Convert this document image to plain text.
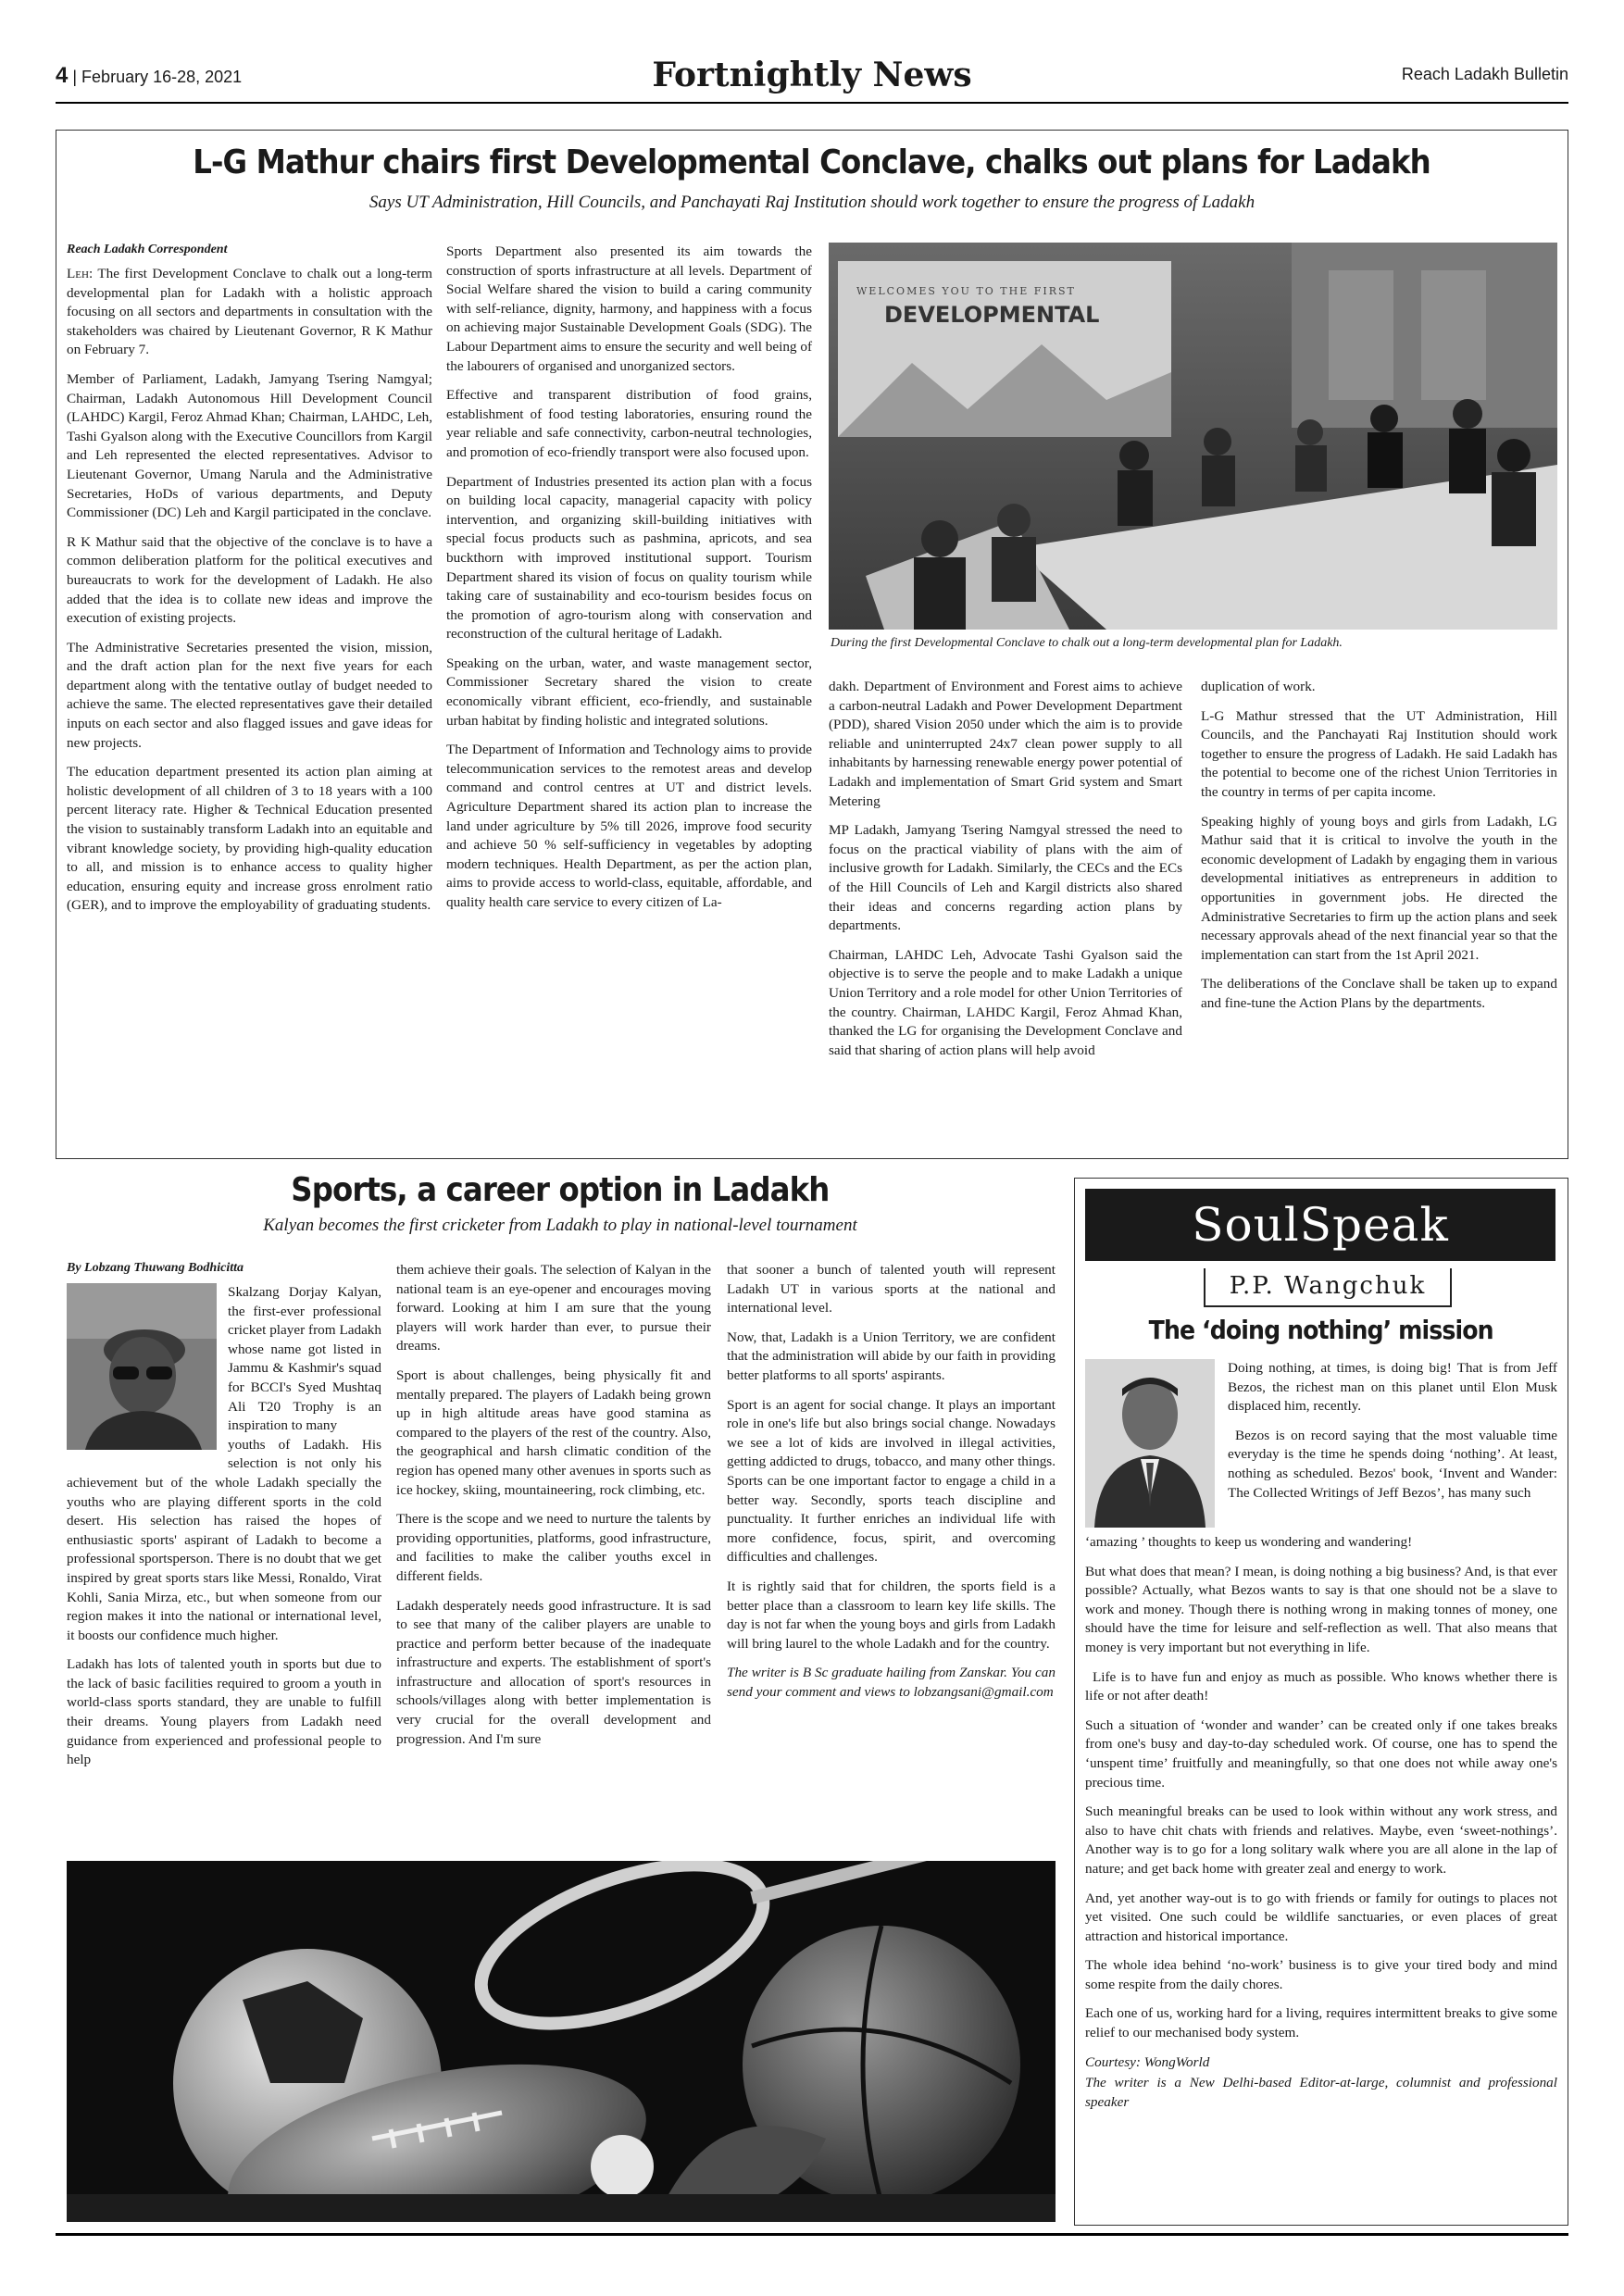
4 | February 16-28, 2021	Fortnightly News	Reach Ladakh Bulletin
L-G Mathur chairs first Developmental Conclave, chalks out plans for Ladakh
Says UT Administration, Hill Councils, and Panchayati Raj Institution should work together to ensure the progress of Ladakh
Reach Ladakh Correspondent

Leh: The first Development Conclave to chalk out a long-term developmental plan for Ladakh with a holistic approach focusing on all sectors and departments in consultation with the stakeholders was chaired by Lieutenant Governor, R K Mathur on February 7.

Member of Parliament, Ladakh, Jamyang Tsering Namgyal; Chairman, Ladakh Autonomous Hill Development Council (LAHDC) Kargil, Feroz Ahmad Khan; Chairman, LAHDC, Leh, Tashi Gyalson along with the Executive Councillors from Kargil and Leh represented the elected representatives. Advisor to Lieutenant Governor, Umang Narula and the Administrative Secretaries, HoDs of various departments, and Deputy Commissioner (DC) Leh and Kargil participated in the conclave.

R K Mathur said that the objective of the conclave is to have a common deliberation platform for the political executives and bureaucrats to work for the development of Ladakh. He also added that the idea is to collate new ideas and improve the execution of existing projects.

The Administrative Secretaries presented the vision, mission, and the draft action plan for the next five years for each department along with the tentative outlay of budget needed to achieve the same. The elected representatives gave their detailed inputs on each sector and also flagged issues and gave ideas for new projects.

The education department presented its action plan aiming at holistic development of all children of 3 to 18 years with a 100 percent literacy rate. Higher & Technical Education presented the vision to sustainably transform Ladakh into an equitable and vibrant knowledge society, by providing high-quality education to all, and mission is to enhance access to quality higher education, ensuring equity and increase gross enrolment ratio (GER), and to improve the employability of graduating students.

Sports Department also presented its aim towards the construction of sports infrastructure at all levels. Department of Social Welfare shared the vision to build a caring community with self-reliance, dignity, harmony, and happiness with a focus on achieving major Sustainable Development Goals (SDG). The Labour Department aims to ensure the security and well being of the labourers of organised and unorganized sectors.

Effective and transparent distribution of food grains, establishment of food testing laboratories, ensuring round the year reliable and safe connectivity, carbon-neutral technologies, and promotion of eco-friendly transport were also focused upon.

Department of Industries presented its action plan with a focus on building local capacity, managerial capacity with policy intervention, and organizing skill-building initiatives with special focus products such as pashmina, apricots, and sea buckthorn with improved institutional support. Tourism Department shared its vision of focus on quality tourism while taking care of sustainability and eco-tourism besides focus on the promotion of agro-tourism along with conservation and reconstruction of the cultural heritage of Ladakh.

Speaking on the urban, water, and waste management sector, Commissioner Secretary shared the vision to create economically vibrant efficient, eco-friendly, and sustainable urban habitat by finding holistic and integrated solutions.

The Department of Information and Technology aims to provide telecommunication services to the remotest areas and develop command and control centres at UT and district levels. Agriculture Department shared its action plan to increase the land under agriculture by 5% till 2026, improve food security and achieve 50 % self-sufficiency in vegetables by adopting modern techniques. Health Department, as per the action plan, aims to provide access to world-class, equitable, affordable, and quality health care service to every citizen of La-

WELCOMES YOU TO THE FIRST
DEVELOPMENTAL
During the first Developmental Conclave to chalk out a long-term developmental plan for Ladakh.

dakh. Department of Environment and Forest aims to achieve a carbon-neutral Ladakh and Power Development Department (PDD), shared Vision 2050 under which the aim is to provide reliable and uninterrupted 24x7 clean power supply to all inhabitants by harnessing renewable energy power potential of Ladakh and implementation of Smart Grid system and Smart Metering

MP Ladakh, Jamyang Tsering Namgyal stressed the need to focus on the practical viability of plans with the aim of inclusive growth for Ladakh. Similarly, the CECs and the ECs of the Hill Councils of Leh and Kargil districts also shared their ideas and concerns regarding action plans by departments.

Chairman, LAHDC Leh, Advocate Tashi Gyalson said the objective is to serve the people and to make Ladakh a unique Union Territory and a role model for other Union Territories of the country. Chairman, LAHDC Kargil, Feroz Ahmad Khan, thanked the LG for organising the Development Conclave and said that sharing of action plans will help avoid

duplication of work.

L-G Mathur stressed that the UT Administration, Hill Councils, and the Panchayati Raj Institution should work together to ensure the progress of Ladakh. He said Ladakh has the potential to become one of the richest Union Territories in the country in terms of per capita income.

Speaking highly of young boys and girls from Ladakh, LG Mathur said that it is critical to involve the youth in the economic development of Ladakh by engaging them in various developmental initiatives as entrepreneurs in addition to opportunities in government jobs. He directed the Administrative Secretaries to firm up the action plans and seek necessary approvals ahead of the next financial year so that the implementation can start from the 1st April 2021.

The deliberations of the Conclave shall be taken up to expand and fine-tune the Action Plans by the departments.

Sports, a career option in Ladakh
Kalyan becomes the first cricketer from Ladakh to play in national-level tournament
By Lobzang Thuwang Bodhicitta

Skalzang Dorjay Kalyan, the first-ever professional cricket player from Ladakh whose name got listed in Jammu & Kashmir's squad for BCCI's Syed Mushtaq Ali T20 Trophy is an inspiration to many

youths of Ladakh. His selection is not only his achievement but of the whole Ladakh specially the youths who are playing different sports in the cold desert. His selection has raised the hopes of enthusiastic sports' aspirant of Ladakh to become a professional sportsperson. There is no doubt that we get inspired by great sports stars like Messi, Ronaldo, Virat Kohli, Sania Mirza, etc., but when someone from our region makes it into the national or international level, it boosts our confidence much higher.

Ladakh has lots of talented youth in sports but due to the lack of basic facilities required to groom a youth in world-class sports standard, they are unable to fulfill their dreams. Young players from Ladakh need guidance from experienced and professional people to help

them achieve their goals. The selection of Kalyan in the national team is an eye-opener and encourages moving forward. Looking at him I am sure that the young players will work harder than ever, to pursue their dreams.

Sport is about challenges, being physically fit and mentally prepared. The players of Ladakh being grown up in high altitude areas have good stamina as compared to the players of the rest of the country. Also, the geographical and harsh climatic condition of the region has opened many other avenues in sports such as ice hockey, skiing, mountaineering, rock climbing, etc.

There is the scope and we need to nurture the talents by providing opportunities, platforms, good infrastructure, and facilities to make the caliber youths excel in different fields.

Ladakh desperately needs good infrastructure. It is sad to see that many of the caliber players are unable to practice and perform better because of the inadequate infrastructure and experts. The establishment of sport's infrastructure and allocation of sport's resources in schools/villages along with better implementation is very crucial for the overall development and progression. And I'm sure

that sooner a bunch of talented youth will represent Ladakh UT in various sports at the national and international level.

Now, that, Ladakh is a Union Territory, we are confident that the administration will abide by our faith in providing better platforms to all sports' aspirants.

Sport is an agent for social change. It plays an important role in one's life but also brings social change. Nowadays we see a lot of kids are involved in illegal activities, getting addicted to drugs, tobacco, and many other things. Sports can be one important factor to engage a child in a better way. Secondly, sports teach discipline and punctuality. It further enriches an individual life with more confidence, focus, spirit, and overcoming difficulties and challenges.

It is rightly said that for children, the sports field is a better place than a classroom to learn key life skills. The day is not far when the young boys and girls from Ladakh will bring laurel to the whole Ladakh and for the country.

The writer is B Sc graduate hailing from Zanskar. You can send your comment and views to lobzangsani@gmail.com

SoulSpeak
P.P. Wangchuk
The ‘doing nothing’ mission

Doing nothing, at times, is doing big! That is from Jeff Bezos, the richest man on this planet until Elon Musk displaced him, recently.

Bezos is on record saying that the most valuable time everyday is the time he spends doing ‘nothing’. At least, nothing as scheduled. Bezos' book, ‘Invent and Wander: The Collected Writings of Jeff Bezos’, has many such

‘amazing ’ thoughts to keep us wondering and wandering!

But what does that mean? I mean, is doing nothing a big business? And, is that ever possible? Actually, what Bezos wants to say is that one should not be a slave to work and money. Though there is nothing wrong in making tonnes of money, one should have the time for leisure and self-reflection as well. That also means that money is very important but not everything in life.

Life is to have fun and enjoy as much as possible. Who knows whether there is life or not after death!

Such a situation of ‘wonder and wander’ can be created only if one takes breaks from one's busy and day-to-day scheduled work. Of course, one has to spend the ‘unspent time’ fruitfully and meaningfully, so that one does not while away one's precious time.

Such meaningful breaks can be used to look within without any work stress, and also to have chit chats with friends and relatives. Maybe, even ‘sweet-nothings’. Another way is to go for a long solitary walk where you are all alone in the lap of nature; and get back home with greater zeal and energy to work.

And, yet another way-out is to go with friends or family for outings to places not yet visited. One such could be wildlife sanctuaries, or even places of great attraction and historical importance.

The whole idea behind ‘no-work’ business is to give your tired body and mind some respite from the daily chores.

Each one of us, working hard for a living, requires intermittent breaks to give some relief to our mechanised body system.

Courtesy: WongWorld

The writer is a New Delhi-based Editor-at-large, columnist and professional speaker
